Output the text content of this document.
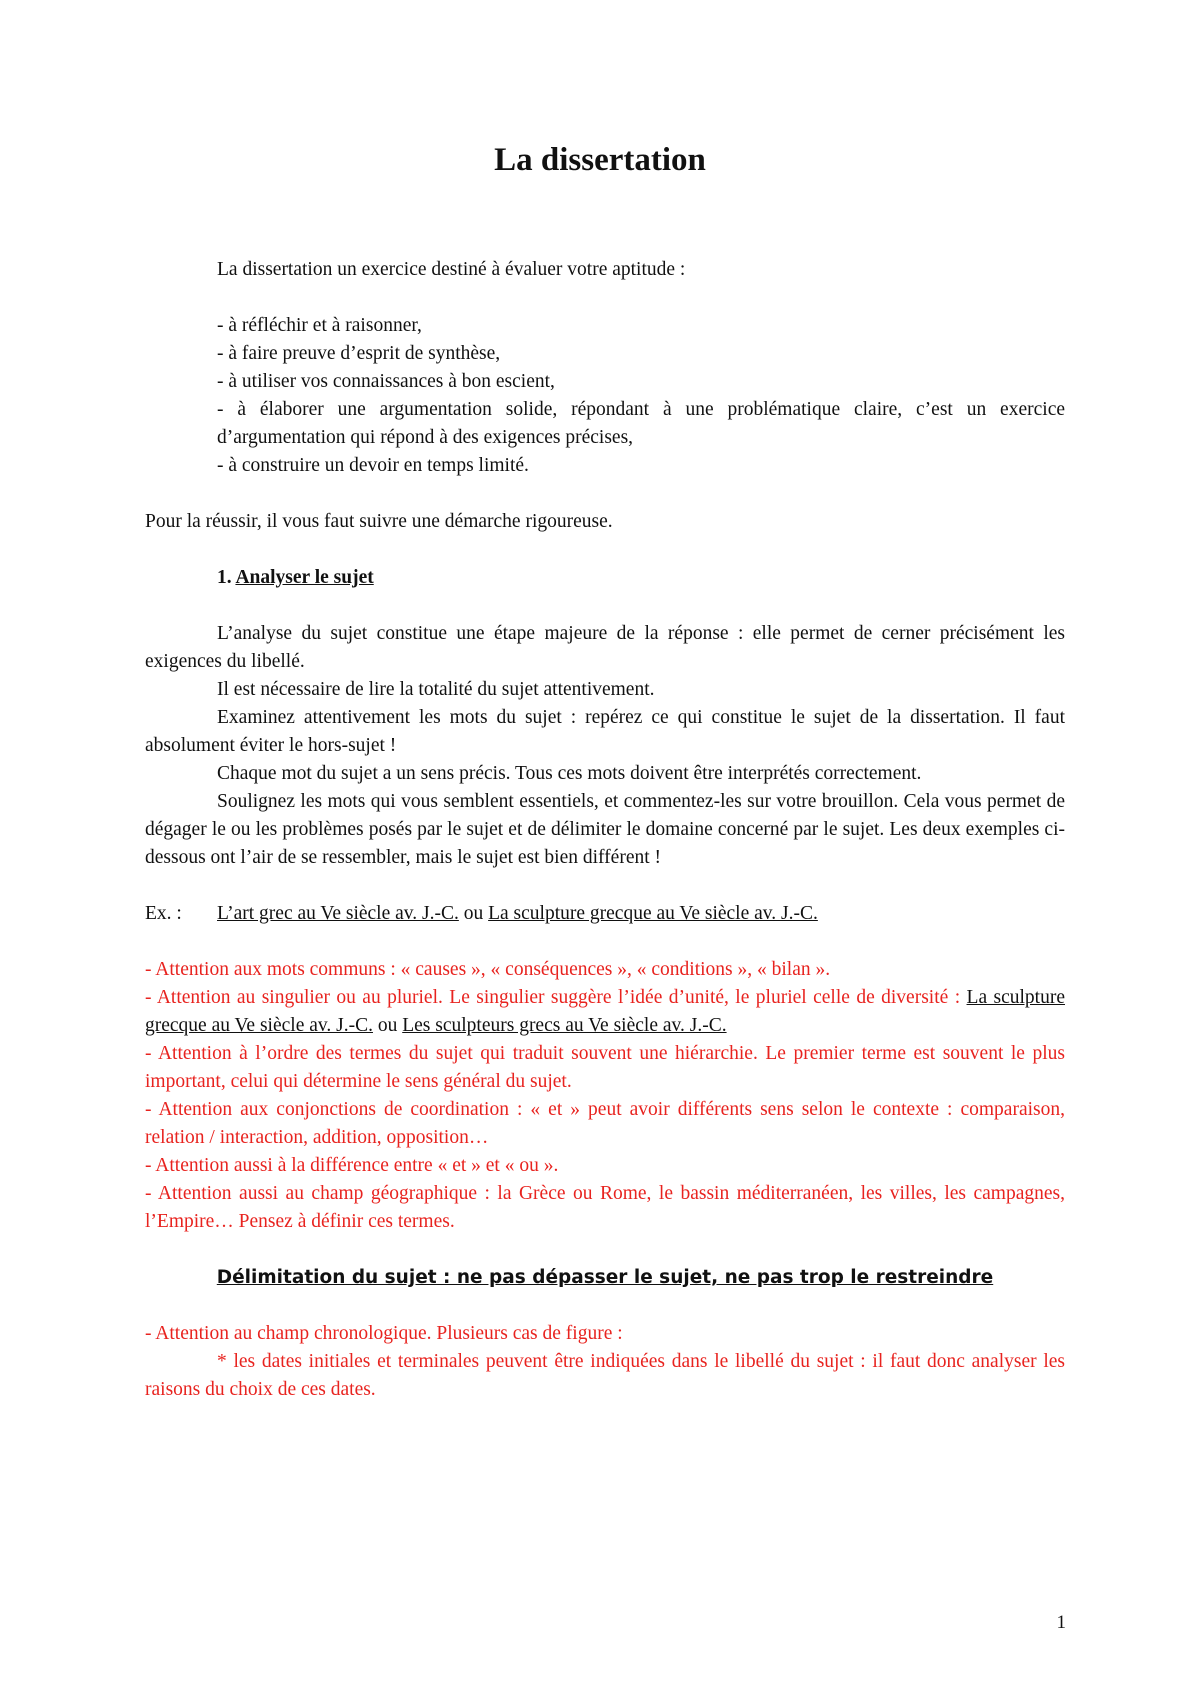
La dissertation

La dissertation un exercice destiné à évaluer votre aptitude :

- à réfléchir et à raisonner,

- à faire preuve d’esprit de synthèse,

- à utiliser vos connaissances à bon escient,

- à élaborer une argumentation solide, répondant à une problématique claire, c’est un exercice d’argumentation qui répond à des exigences précises,

- à construire un devoir en temps limité.

Pour la réussir, il vous faut suivre une démarche rigoureuse.

1. Analyser le sujet

L’analyse du sujet constitue une étape majeure de la réponse : elle permet de cerner précisément les exigences du libellé.

Il est nécessaire de lire la totalité du sujet attentivement.

Examinez attentivement les mots du sujet : repérez ce qui constitue le sujet de la dissertation. Il faut absolument éviter le hors-sujet !

Chaque mot du sujet a un sens précis. Tous ces mots doivent être interprétés correctement.

Soulignez les mots qui vous semblent essentiels, et commentez-les sur votre brouillon. Cela vous permet de dégager le ou les problèmes posés par le sujet et de délimiter le domaine concerné par le sujet. Les deux exemples ci-dessous ont l’air de se ressembler, mais le sujet est bien différent !

Ex. : L’art grec au Ve siècle av. J.-C. ou La sculpture grecque au Ve siècle av. J.-C.

- Attention aux mots communs : « causes », « conséquences », « conditions », « bilan ».

- Attention au singulier ou au pluriel. Le singulier suggère l’idée d’unité, le pluriel celle de diversité : La sculpture grecque au Ve siècle av. J.-C. ou Les sculpteurs grecs au Ve siècle av. J.-C.

- Attention à l’ordre des termes du sujet qui traduit souvent une hiérarchie. Le premier terme est souvent le plus important, celui qui détermine le sens général du sujet.

- Attention aux conjonctions de coordination : « et » peut avoir différents sens selon le contexte : comparaison, relation / interaction, addition, opposition…

- Attention aussi à la différence entre « et » et « ou ».

- Attention aussi au champ géographique : la Grèce ou Rome, le bassin méditerranéen, les villes, les campagnes, l’Empire… Pensez à définir ces termes.

Délimitation du sujet : ne pas dépasser le sujet, ne pas trop le restreindre

- Attention au champ chronologique. Plusieurs cas de figure :

* les dates initiales et terminales peuvent être indiquées dans le libellé du sujet : il faut donc analyser les raisons du choix de ces dates.

1
